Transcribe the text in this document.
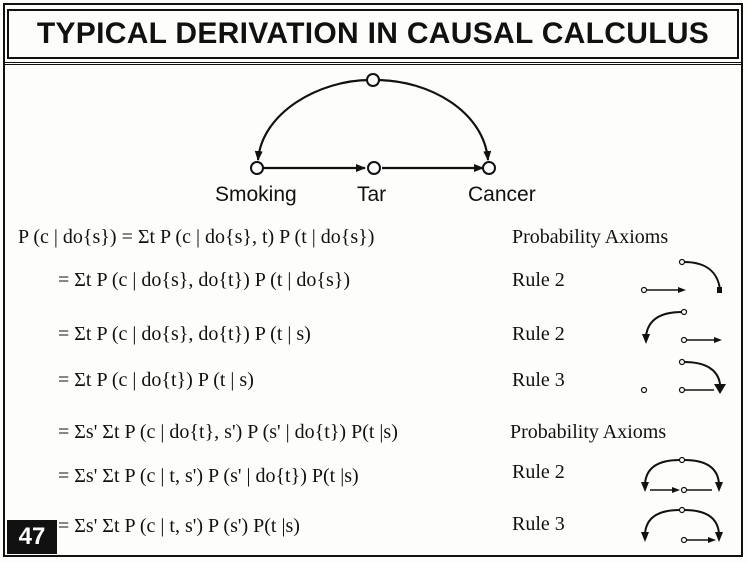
TYPICAL DERIVATION IN CAUSAL CALCULUS
Smoking	Tar	Cancer
P (c | do{s}) = Σt P (c | do{s}, t) P (t | do{s})	Probability Axioms
= Σt P (c | do{s}, do{t}) P (t | do{s})	Rule 2
= Σt P (c | do{s}, do{t}) P (t | s)	Rule 2
= Σt P (c | do{t}) P (t | s)	Rule 3
= Σs' Σt P (c | do{t}, s') P (s' | do{t}) P(t |s)	Probability Axioms
= Σs' Σt P (c | t, s') P (s' | do{t}) P(t |s)	Rule 2
= Σs' Σt P (c | t, s') P (s') P(t |s)	Rule 3
47
